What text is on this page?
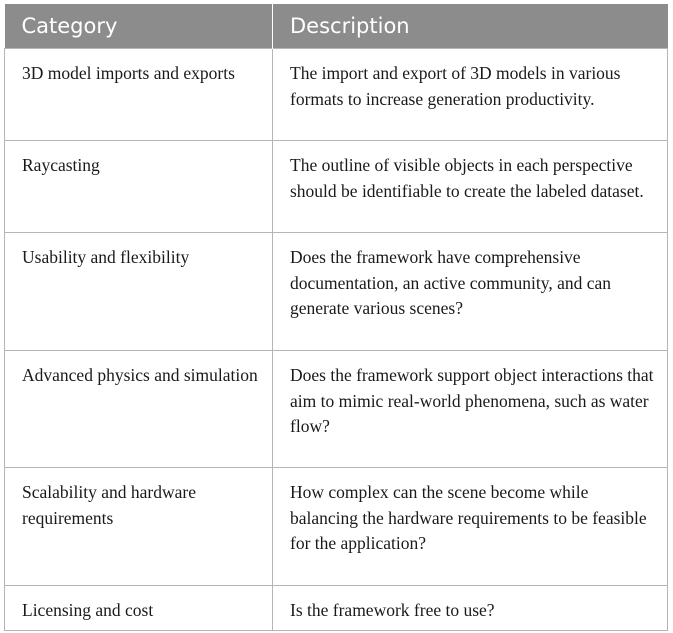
Category	Description
3D model imports and exports	The import and export of 3D models in various formats to increase generation productivity.
Raycasting	The outline of visible objects in each perspective should be identifiable to create the labeled dataset.
Usability and flexibility	Does the framework have comprehensive documentation, an active community, and can generate various scenes?
Advanced physics and simulation	Does the framework support object interactions that aim to mimic real-world phenomena, such as water flow?
Scalability and hardware requirements	How complex can the scene become while balancing the hardware requirements to be feasible for the application?
Licensing and cost	Is the framework free to use?
